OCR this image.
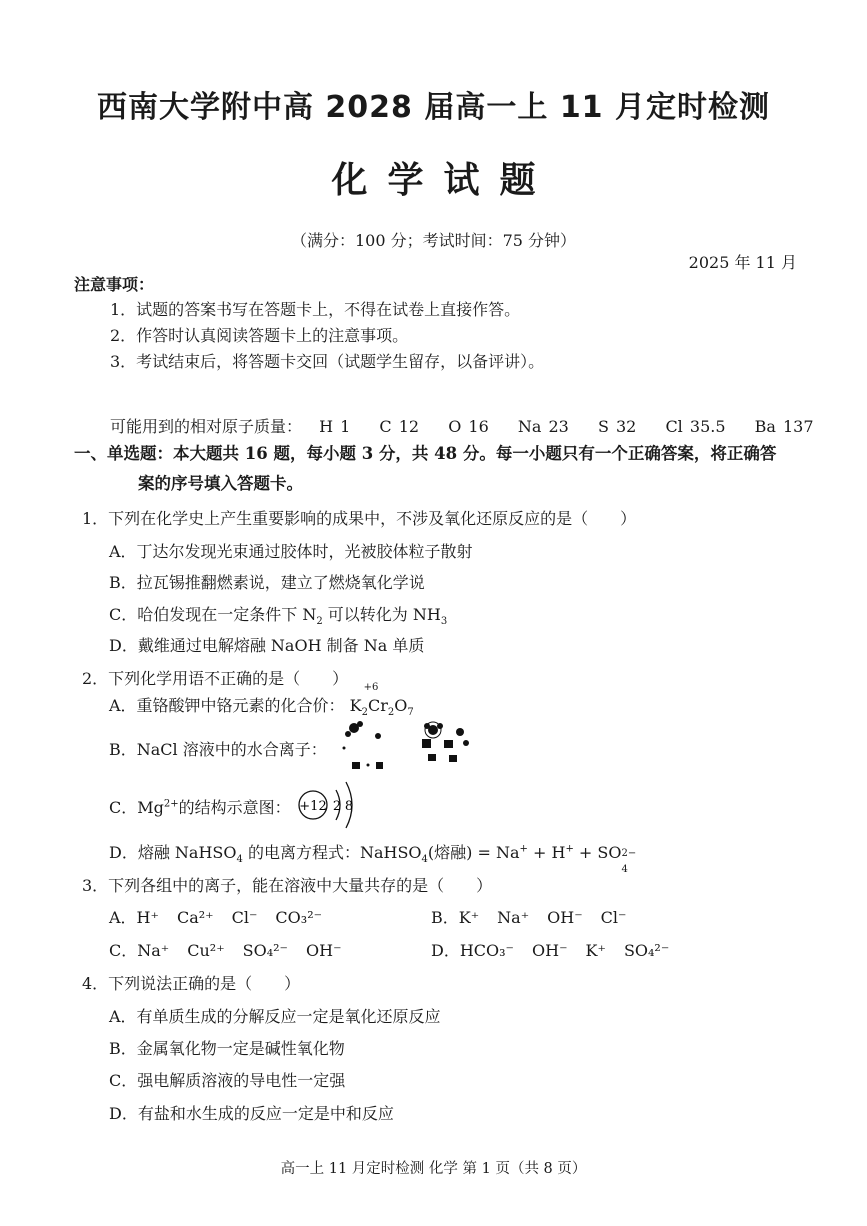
西南大学附中高 2028 届高一上 11 月定时检测
化学试题
（满分：100 分；考试时间：75 分钟）
2025 年 11 月
注意事项：
1．试题的答案书写在答题卡上，不得在试卷上直接作答。
2．作答时认真阅读答题卡上的注意事项。
3．考试结束后，将答题卡交回（试题学生留存，以备评讲）。
可能用到的相对原子质量： H 1 C 12 O 16 Na 23 S 32 Cl 35.5 Ba 137
一、单选题：本大题共 16 题，每小题 3 分，共 48 分。每一小题只有一个正确答案，将正确答
案的序号填入答题卡。
1．下列在化学史上产生重要影响的成果中，不涉及氧化还原反应的是（　　）
A．丁达尔发现光束通过胶体时，光被胶体粒子散射
B．拉瓦锡推翻燃素说，建立了燃烧氧化学说
C．哈伯发现在一定条件下 $N_2$ 可以转化为 $NH_3$
D．戴维通过电解熔融 NaOH 制备 Na 单质
2．下列化学用语不正确的是（　　）
A．重铬酸钾中铬元素的化合价：
+6
$K_2Cr_2O_7$
B．NaCl 溶液中的水合离子：
C．$Mg^{2+}$的结构示意图： +12 2 8
D．熔融 NaHSO$_4$ 的电离方程式：NaHSO$_4$(熔融) = Na+ + H+ + SO 2−
4
3．下列各组中的离子，能在溶液中大量共存的是（　　）
A．H⁺ Ca²⁺ Cl⁻ CO₃²⁻	B．K⁺ Na⁺ OH⁻ Cl⁻
C．Na⁺ Cu²⁺ SO₄²⁻ OH⁻	D．HCO₃⁻ OH⁻ K⁺ SO₄²⁻
4．下列说法正确的是（　　）
A．有单质生成的分解反应一定是氧化还原反应
B．金属氧化物一定是碱性氧化物
C．强电解质溶液的导电性一定强
D．有盐和水生成的反应一定是中和反应
高一上 11 月定时检测 化学 第 1 页（共 8 页）
